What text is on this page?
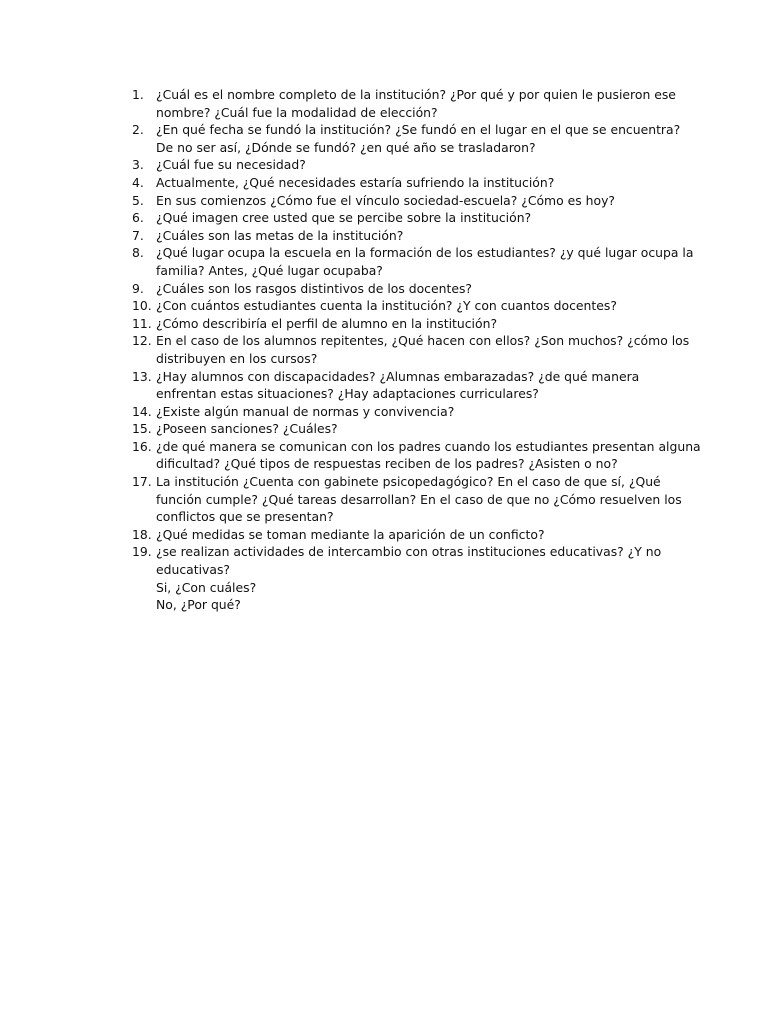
1. ¿Cuál es el nombre completo de la institución? ¿Por qué y por quien le pusieron ese
nombre? ¿Cuál fue la modalidad de elección?
2. ¿En qué fecha se fundó la institución? ¿Se fundó en el lugar en el que se encuentra?
De no ser así, ¿Dónde se fundó? ¿en qué año se trasladaron?
3. ¿Cuál fue su necesidad?
4. Actualmente, ¿Qué necesidades estaría sufriendo la institución?
5. En sus comienzos ¿Cómo fue el vínculo sociedad-escuela? ¿Cómo es hoy?
6. ¿Qué imagen cree usted que se percibe sobre la institución?
7. ¿Cuáles son las metas de la institución?
8. ¿Qué lugar ocupa la escuela en la formación de los estudiantes? ¿y qué lugar ocupa la
familia? Antes, ¿Qué lugar ocupaba?
9. ¿Cuáles son los rasgos distintivos de los docentes?
10. ¿Con cuántos estudiantes cuenta la institución? ¿Y con cuantos docentes?
11. ¿Cómo describiría el perfil de alumno en la institución?
12. En el caso de los alumnos repitentes, ¿Qué hacen con ellos? ¿Son muchos? ¿cómo los
distribuyen en los cursos?
13. ¿Hay alumnos con discapacidades? ¿Alumnas embarazadas? ¿de qué manera
enfrentan estas situaciones? ¿Hay adaptaciones curriculares?
14. ¿Existe algún manual de normas y convivencia?
15. ¿Poseen sanciones? ¿Cuáles?
16. ¿de qué manera se comunican con los padres cuando los estudiantes presentan alguna
dificultad? ¿Qué tipos de respuestas reciben de los padres? ¿Asisten o no?
17. La institución ¿Cuenta con gabinete psicopedagógico? En el caso de que sí, ¿Qué
función cumple? ¿Qué tareas desarrollan? En el caso de que no ¿Cómo resuelven los
conflictos que se presentan?
18. ¿Qué medidas se toman mediante la aparición de un conficto?
19. ¿se realizan actividades de intercambio con otras instituciones educativas? ¿Y no
educativas?
Si, ¿Con cuáles?
No, ¿Por qué?
